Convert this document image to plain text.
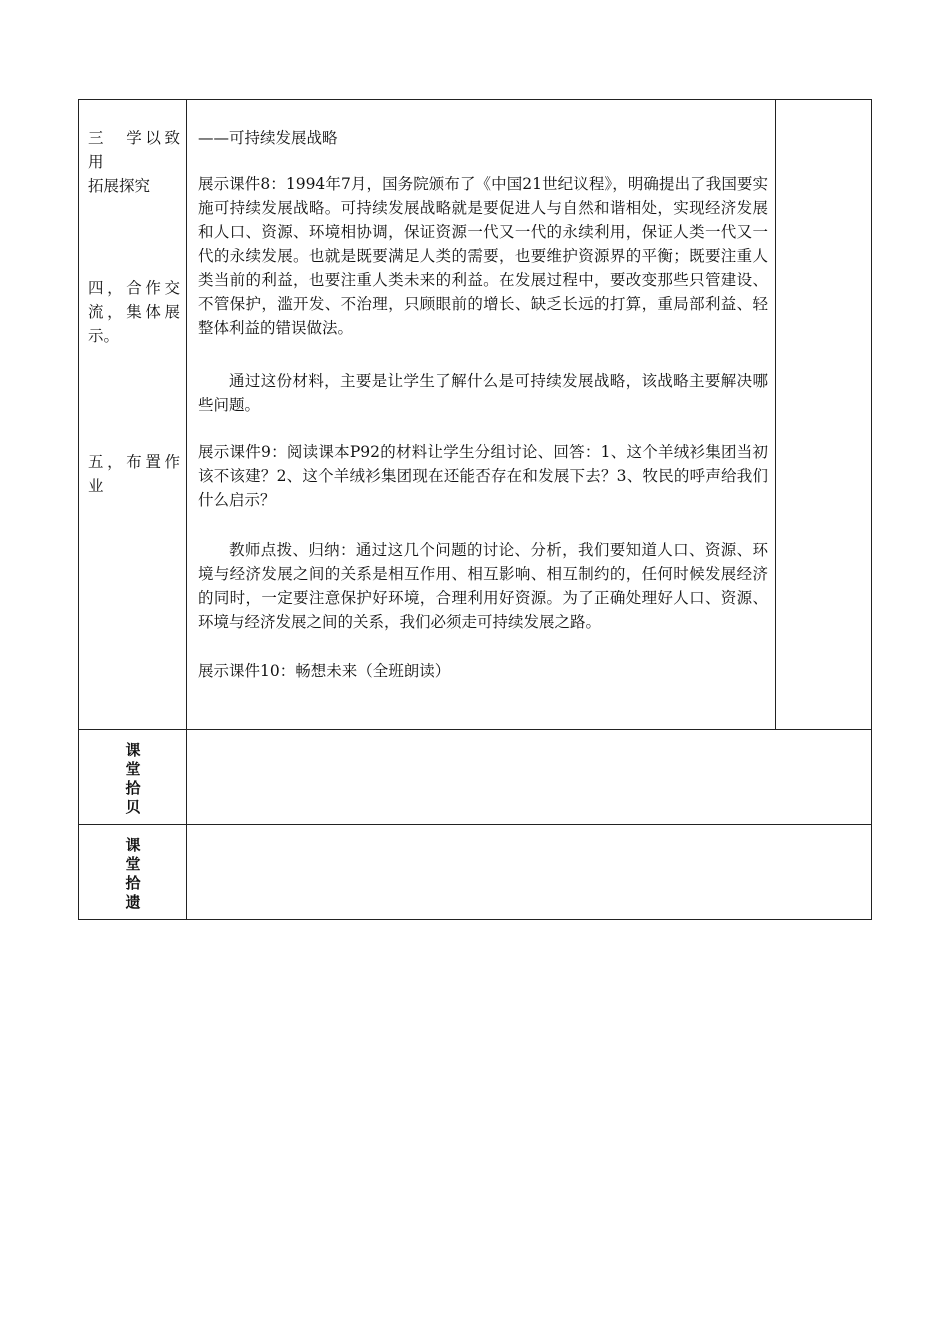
三　学以致用
拓展探究
四，合作交流，集体展示。
五，布置作业
——可持续发展战略
展示课件8：1994年7月，国务院颁布了《中国21世纪议程》，明确提出了我国要实施可持续发展战略。可持续发展战略就是要促进人与自然和谐相处，实现经济发展和人口、资源、环境相协调，保证资源一代又一代的永续利用，保证人类一代又一代的永续发展。也就是既要满足人类的需要，也要维护资源界的平衡；既要注重人类当前的利益，也要注重人类未来的利益。在发展过程中，要改变那些只管建设、不管保护，滥开发、不治理，只顾眼前的增长、缺乏长远的打算，重局部利益、轻整体利益的错误做法。
通过这份材料，主要是让学生了解什么是可持续发展战略，该战略主要解决哪些问题。
展示课件9：阅读课本P92的材料让学生分组讨论、回答：1、这个羊绒衫集团当初该不该建？2、这个羊绒衫集团现在还能否存在和发展下去？3、牧民的呼声给我们什么启示？
教师点拨、归纳：通过这几个问题的讨论、分析，我们要知道人口、资源、环境与经济发展之间的关系是相互作用、相互影响、相互制约的，任何时候发展经济的同时，一定要注意保护好环境，合理利用好资源。为了正确处理好人口、资源、环境与经济发展之间的关系，我们必须走可持续发展之路。
展示课件10：畅想未来（全班朗读）
课
堂
拾
贝
课
堂
拾
遗
